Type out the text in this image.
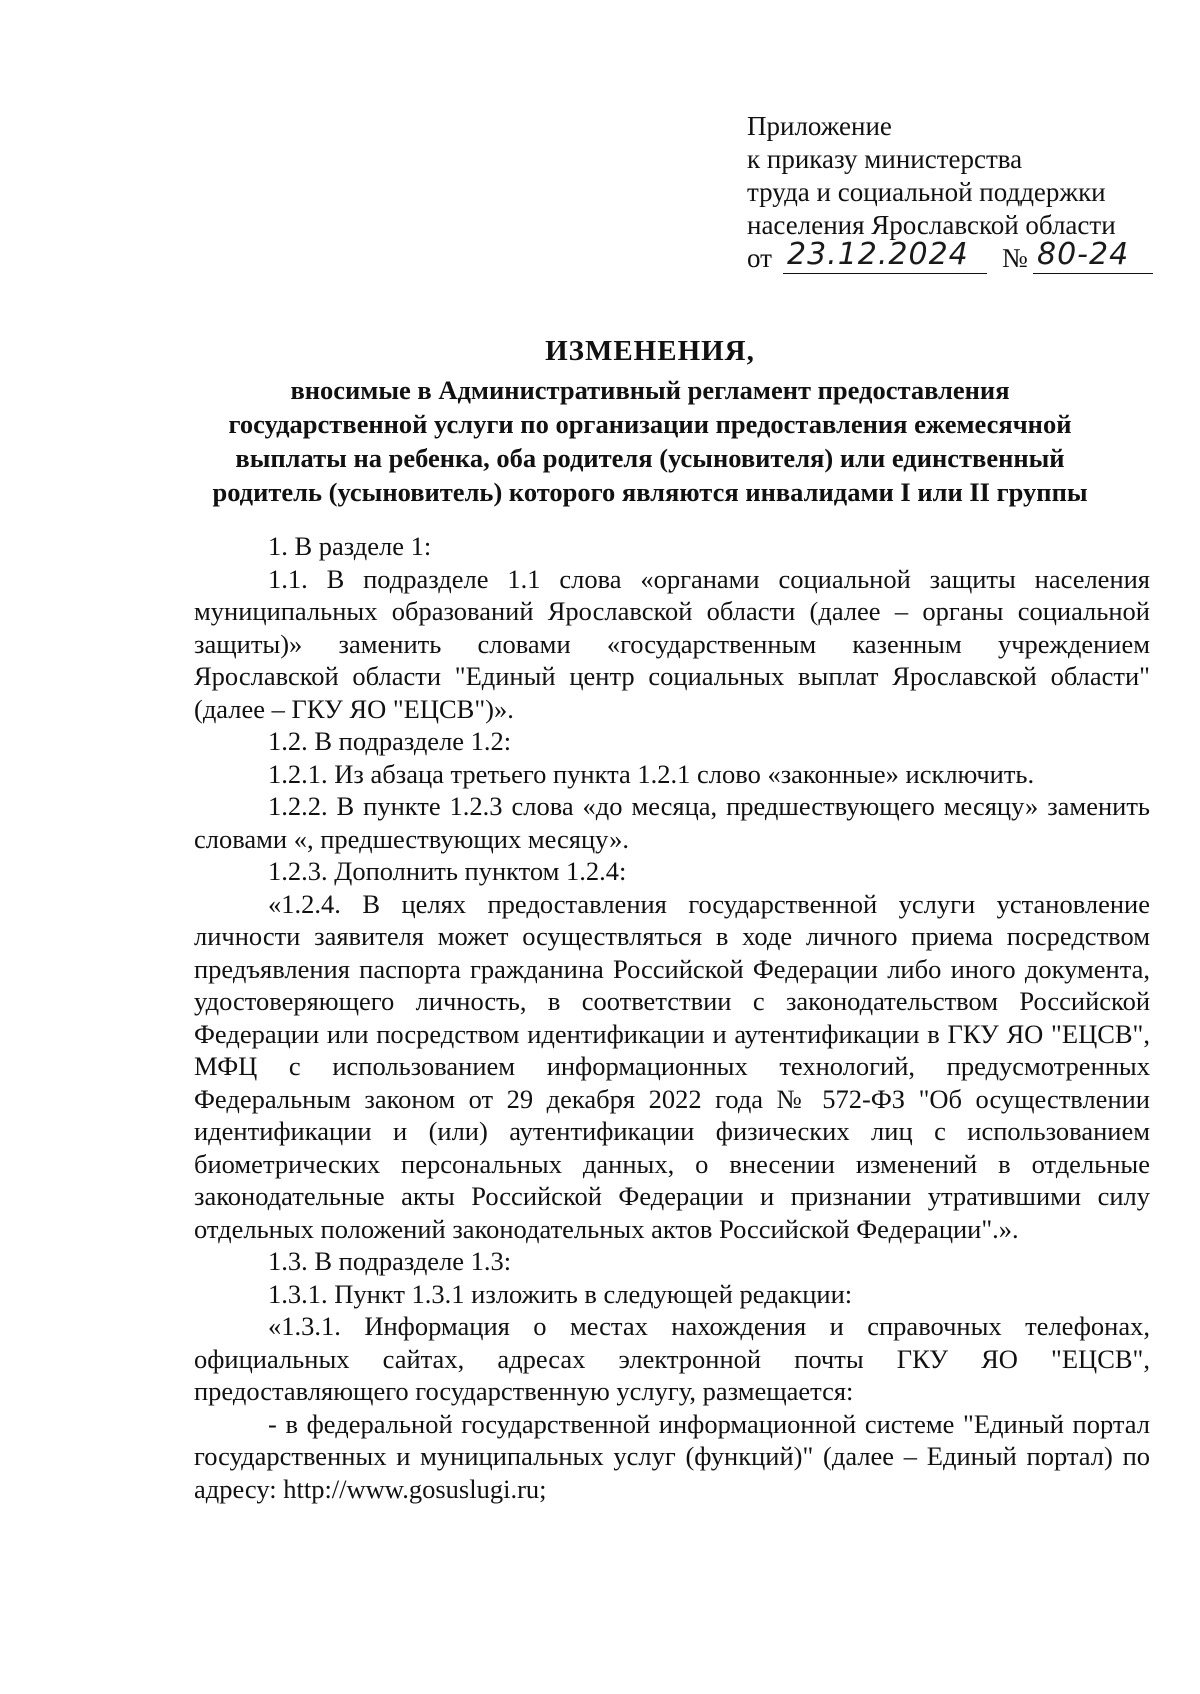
Приложение
к приказу министерства
труда и социальной поддержки
населения Ярославской области
от 23.12.2024 № 80-24
ИЗМЕНЕНИЯ,
вносимые в Административный регламент предоставления
государственной услуги по организации предоставления ежемесячной
выплаты на ребенка, оба родителя (усыновителя) или единственный
родитель (усыновитель) которого являются инвалидами I или II группы

1. В разделе 1:

1.1. В подразделе 1.1 слова «органами социальной защиты населения муниципальных образований Ярославской области (далее – органы социальной защиты)» заменить словами «государственным казенным учреждением Ярославской области "Единый центр социальных выплат Ярославской области" (далее – ГКУ ЯО "ЕЦСВ")».

1.2. В подразделе 1.2:

1.2.1. Из абзаца третьего пункта 1.2.1 слово «законные» исключить.

1.2.2. В пункте 1.2.3 слова «до месяца, предшествующего месяцу» заменить словами «, предшествующих месяцу».

1.2.3. Дополнить пунктом 1.2.4:

«1.2.4. В целях предоставления государственной услуги установление личности заявителя может осуществляться в ходе личного приема посредством предъявления паспорта гражданина Российской Федерации либо иного документа, удостоверяющего личность, в соответствии с законодательством Российской Федерации или посредством идентификации и аутентификации в ГКУ ЯО "ЕЦСВ", МФЦ с использованием информационных технологий, предусмотренных Федеральным законом от 29 декабря 2022 года № 572-ФЗ "Об осуществлении идентификации и (или) аутентификации физических лиц с использованием биометрических персональных данных, о внесении изменений в отдельные законодательные акты Российской Федерации и признании утратившими силу отдельных положений законодательных актов Российской Федерации".».

1.3. В подразделе 1.3:

1.3.1. Пункт 1.3.1 изложить в следующей редакции:

«1.3.1. Информация о местах нахождения и справочных телефонах, официальных сайтах, адресах электронной почты ГКУ ЯО "ЕЦСВ", предоставляющего государственную услугу, размещается:

- в федеральной государственной информационной системе "Единый портал государственных и муниципальных услуг (функций)" (далее – Единый портал) по адресу: http://www.gosuslugi.ru;
